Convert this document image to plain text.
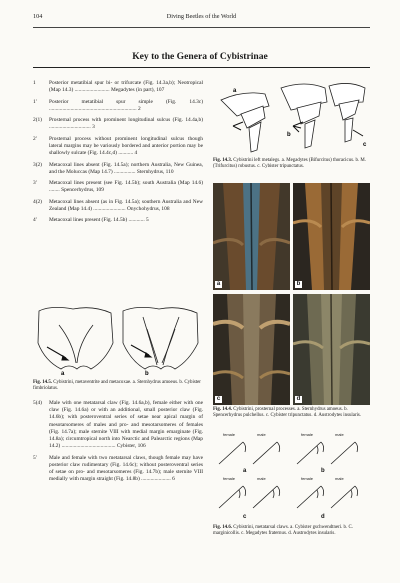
104	Diving Beetles of the World
Key to the Genera of Cybistrinae
1	Posterior metatibial spur bi- or trifurcate (Fig. 14.3a,b); Neotropical (Map 14.3) .......................... Megadytes (in part), 107
1'	Posterior metatibial spur simple (Fig. 14.3c) ................................................................. 2
2(1)	Prosternal process with prominent longitudinal sulcus (Fig. 14.4a,b) ............................... 3
2'	Prosternal process without prominent longitudinal sulcus though lateral margins may be variously bordered and anterior portion may be shallowly sulcate (Fig. 14.4c,d) ........... 4
3(2)	Metacoxal lines absent (Fig. 14.5a); northern Australia, New Guinea, and the Moluccas (Map 14.7) ................ Sternhydrus, 110
3'	Metacoxal lines present (see Fig. 14.5b); south Australia (Map 14.6) ........ Spencerhydrus, 109
4(2)	Metacoxal lines absent (as in Fig. 14.5a); southern Australia and New Zealand (Map 14.4) ........................ Onychohydrus, 108
4'	Metacoxal lines present (Fig. 14.5b) ............ 5
a	b
Fig. 14.5. Cybistrini, metaventrite and metacoxae. a. Sternhydrus amoeus. b. Cybister fimbriolatus.
5(4)	Male with one metatarsal claw (Fig. 14.6a,b), female either with one claw (Fig. 14.6a) or with an additional, small posterior claw (Fig. 14.6b); with posteroventral series of setae near apical margin of mesotarsomeres of males and pro- and mesotarsomeres of females (Fig. 14.7a); male sternite VIII with medial margin emarginate (Fig. 14.8a); circumtropical north into Nearctic and Palearctic regions (Map 14.2) ........................................ Cybister, 106
5'	Male and female with two metatarsal claws, though female may have posterior claw rudimentary (Fig. 14.6c); without posteroventral series of setae on pro- and mesotarsomeres (Fig. 14.7b); male sternite VIII medially with margin straight (Fig. 14.8b) ...................... 6
a
b
c
Fig. 14.3. Cybistrini left metalegs. a. Megadytes (Bifurcitus) thoracicus. b. M. (Trifurcitus) robustus. c. Cybister tripunctatus.
a	b
c	d
Fig. 14.4. Cybistrini, prosternal processes. a. Sternhydrus amoeus. b. Spencerhydrus pulchellus. c. Cybister tripunctatus. d. Austrodytes insularis.
female	male	female	male
female	male	female	male
a	b
c	d
Fig. 14.6. Cybistrini, metatarsal claws. a. Cybister gschwendtneri. b. C. marginicollis. c. Megadytes fraternus. d. Austrodytes insularis.
